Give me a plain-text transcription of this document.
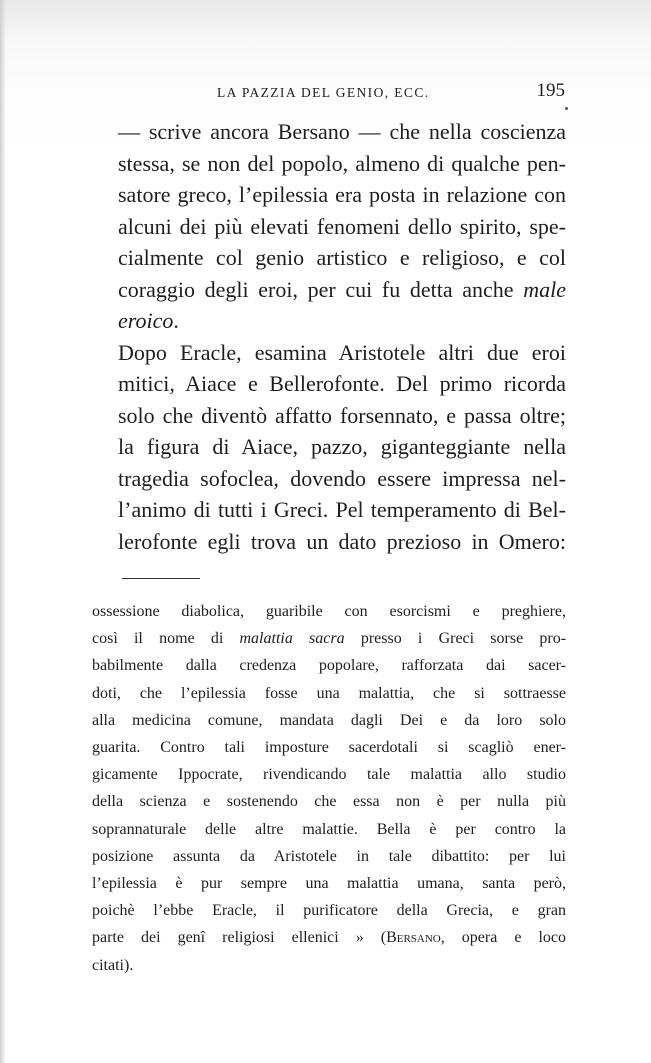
LA PAZZIA DEL GENIO, ECC.	195

— scrive ancora Bersano — che nella coscienza
stessa, se non del popolo, almeno di qualche pen-
satore greco, l’epilessia era posta in relazione con
alcuni dei più elevati fenomeni dello spirito, spe-
cialmente col genio artistico e religioso, e col
coraggio degli eroi, per cui fu detta anche male
eroico.

Dopo Eracle, esamina Aristotele altri due eroi
mitici, Aiace e Bellerofonte. Del primo ricorda
solo che diventò affatto forsennato, e passa oltre;
la figura di Aiace, pazzo, giganteggiante nella
tragedia sofoclea, dovendo essere impressa nel-
l’animo di tutti i Greci. Pel temperamento di Bel-
lerofonte egli trova un dato prezioso in Omero:

ossessione diabolica, guaribile con esorcismi e preghiere,
così il nome di malattia sacra presso i Greci sorse pro-
babilmente dalla credenza popolare, rafforzata dai sacer-
doti, che l’epilessia fosse una malattia, che si sottraesse
alla medicina comune, mandata dagli Dei e da loro solo
guarita. Contro tali imposture sacerdotali si scagliò ener-
gicamente Ippocrate, rivendicando tale malattia allo studio
della scienza e sostenendo che essa non è per nulla più
soprannaturale delle altre malattie. Bella è per contro la
posizione assunta da Aristotele in tale dibattito: per lui
l’epilessia è pur sempre una malattia umana, santa però,
poichè l’ebbe Eracle, il purificatore della Grecia, e gran
parte dei genî religiosi ellenici » (Bersano, opera e loco
citati).
